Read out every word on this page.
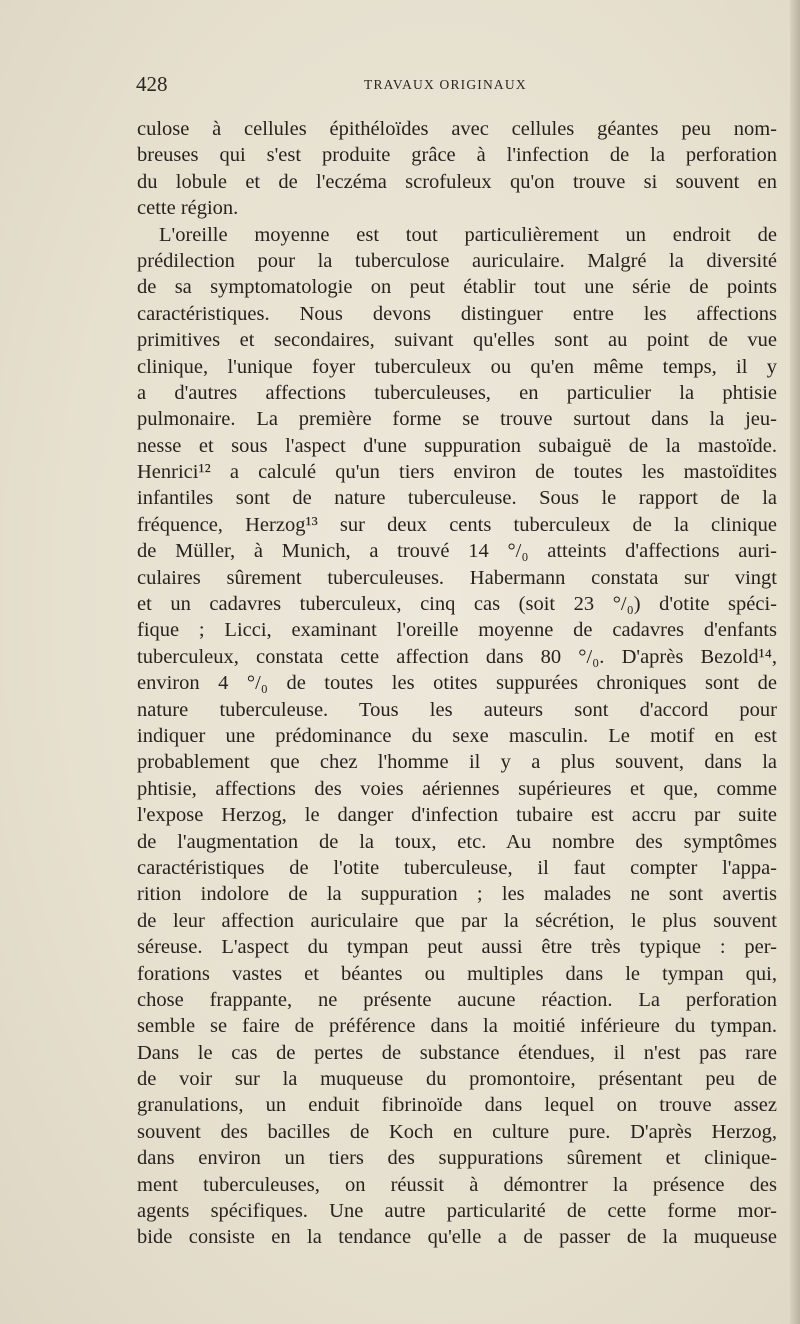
428	TRAVAUX ORIGINAUX
culose à cellules épithéloïdes avec cellules géantes peu nom-
breuses qui s'est produite grâce à l'infection de la perforation
du lobule et de l'eczéma scrofuleux qu'on trouve si souvent en
cette région.
L'oreille moyenne est tout particulièrement un endroit de
prédilection pour la tuberculose auriculaire. Malgré la diversité
de sa symptomatologie on peut établir tout une série de points
caractéristiques. Nous devons distinguer entre les affections
primitives et secondaires, suivant qu'elles sont au point de vue
clinique, l'unique foyer tuberculeux ou qu'en même temps, il y
a d'autres affections tuberculeuses, en particulier la phtisie
pulmonaire. La première forme se trouve surtout dans la jeu-
nesse et sous l'aspect d'une suppuration subaiguë de la mastoïde.
Henrici¹² a calculé qu'un tiers environ de toutes les mastoïdites
infantiles sont de nature tuberculeuse. Sous le rapport de la
fréquence, Herzog¹³ sur deux cents tuberculeux de la clinique
de Müller, à Munich, a trouvé 14 °/₀ atteints d'affections auri-
culaires sûrement tuberculeuses. Habermann constata sur vingt
et un cadavres tuberculeux, cinq cas (soit 23 °/₀) d'otite spéci-
fique ; Licci, examinant l'oreille moyenne de cadavres d'enfants
tuberculeux, constata cette affection dans 80 °/₀. D'après Bezold¹⁴,
environ 4 °/₀ de toutes les otites suppurées chroniques sont de
nature tuberculeuse. Tous les auteurs sont d'accord pour
indiquer une prédominance du sexe masculin. Le motif en est
probablement que chez l'homme il y a plus souvent, dans la
phtisie, affections des voies aériennes supérieures et que, comme
l'expose Herzog, le danger d'infection tubaire est accru par suite
de l'augmentation de la toux, etc. Au nombre des symptômes
caractéristiques de l'otite tuberculeuse, il faut compter l'appa-
rition indolore de la suppuration ; les malades ne sont avertis
de leur affection auriculaire que par la sécrétion, le plus souvent
séreuse. L'aspect du tympan peut aussi être très typique : per-
forations vastes et béantes ou multiples dans le tympan qui,
chose frappante, ne présente aucune réaction. La perforation
semble se faire de préférence dans la moitié inférieure du tympan.
Dans le cas de pertes de substance étendues, il n'est pas rare
de voir sur la muqueuse du promontoire, présentant peu de
granulations, un enduit fibrinoïde dans lequel on trouve assez
souvent des bacilles de Koch en culture pure. D'après Herzog,
dans environ un tiers des suppurations sûrement et clinique-
ment tuberculeuses, on réussit à démontrer la présence des
agents spécifiques. Une autre particularité de cette forme mor-
bide consiste en la tendance qu'elle a de passer de la muqueuse
